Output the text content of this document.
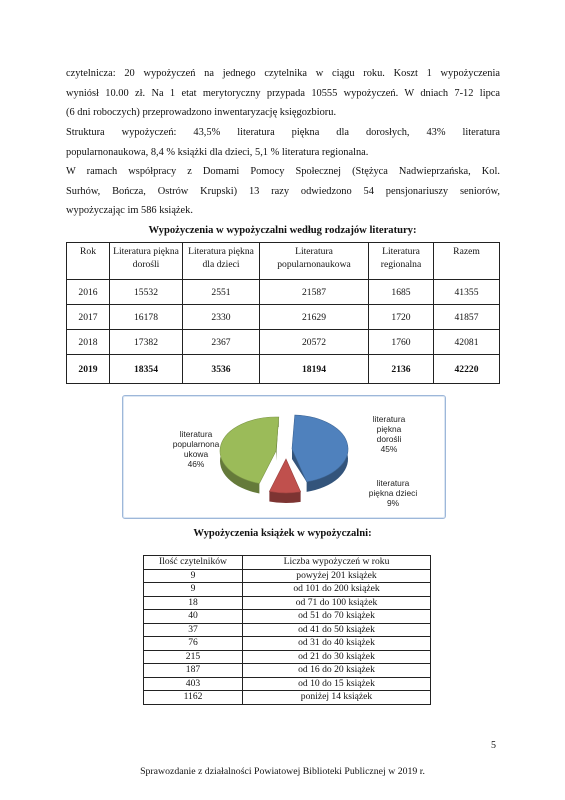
czytelnicza: 20 wypożyczeń na jednego czytelnika w ciągu roku. Koszt 1 wypożyczenia
wyniósł 10.00 zł. Na 1 etat merytoryczny przypada 10555 wypożyczeń. W dniach 7-12 lipca
(6 dni roboczych) przeprowadzono inwentaryzację księgozbioru.
Struktura wypożyczeń: 43,5% literatura piękna dla dorosłych, 43% literatura
popularnonaukowa, 8,4 % książki dla dzieci, 5,1 % literatura regionalna.
W ramach współpracy z Domami Pomocy Społecznej (Stężyca Nadwieprzańska, Kol.
Surhów, Bończa, Ostrów Krupski) 13 razy odwiedzono 54 pensjonariuszy seniorów,
wypożyczając im 586 książek.
Wypożyczenia w wypożyczalni według rodzajów literatury:
Rok	Literatura piękna dorośli	Literatura piękna dla dzieci	Literatura popularnonaukowa	Literatura regionalna	Razem
2016	15532	2551	21587	1685	41355
2017	16178	2330	21629	1720	41857
2018	17382	2367	20572	1760	42081
2019	18354	3536	18194	2136	42220
literatura
popularnona
ukowa
46%
literatura
piękna
dorośli
45%
literatura
piękna dzieci
9%
Wypożyczenia książek w wypożyczalni:
Ilość czytelników	Liczba wypożyczeń w roku
9	powyżej 201 książek
9	od 101 do 200 książek
18	od 71 do 100 książek
40	od 51 do 70 książek
37	od 41 do 50 książek
76	od 31 do 40 książek
215	od 21 do 30 książek
187	od 16 do 20 książek
403	od 10 do 15 książek
1162	poniżej 14 książek
5
Sprawozdanie z działalności Powiatowej Biblioteki Publicznej w 2019 r.
